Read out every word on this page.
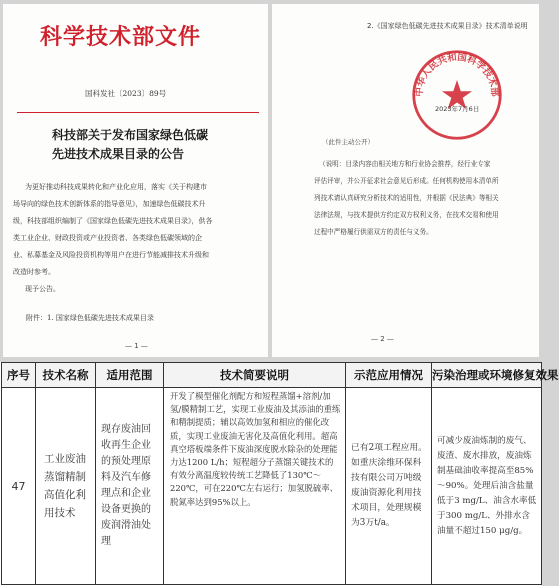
科学技术部文件
国科发社〔2023〕89号
科技部关于发布国家绿色低碳
先进技术成果目录的公告
为更好推动科技成果转化和产业化应用，落实《关于构建市
场导向的绿色技术创新体系的指导意见》，加速绿色低碳技术升
级，科技部组织编制了《国家绿色低碳先进技术成果目录》，供各
类工业企业、财政投资或产业投资者、各类绿色低碳领域的企
业、私募基金及风险投资机构等用户在进行节能减排技术升级和
改造时参考。
现予公告。
附件：1. 国家绿色低碳先进技术成果目录
— 1 —
2.《国家绿色低碳先进技术成果目录》技术清单说明
中华人民共和国科学技术部
2023年7月6日
（此件主动公开）
（说明：目录内容由相关地方和行业协会推荐，经行业专家
评估评审，并公开征求社会意见后形成。任何机构使用本清单所
列技术请认真研究分析技术的适用性，并根据《民法典》等相关
法律法规，与技术提供方约定双方权利义务，在技术交易和使用
过程中严格履行供需双方的责任与义务。
— 2 —
序号	技术名称	适用范围	技术简要说明	示范应用情况	污染治理或环境修复效果
47	工业废油蒸馏精制高值化利用技术	现存废油回收再生企业的预处理原料及汽车修理点和企业设备更换的废润滑油处理	开发了模型催化剂配方和短程蒸馏+溶剂/加氢/膜精制工艺，实现工业废油及其添油的重练和精制提质；辅以高效加氢和相应的催化改质，实现工业废油无害化及高值化利用。超高真空塔板端条件下废油深度脱水除杂的处理能力达1200 L/h；短程超分子蒸馏关键技术的有效分离温度较传统工艺降低了130℃～220℃，可在220℃左右运行；加氢脱硫率、脱氮率达到95%以上。	已有2项工程应用。如重庆涂维环保科技有限公司万吨级废油资源化利用技术项目，处理规模为3万t/a。	可减少废油炼制的废气、废渣、废水排放，废油炼制基础油收率提高至85%～90%。处理后油含盐量低于3 mg/L、油含水率低于300 mg/L、外排水含油量不超过150 μg/g。
